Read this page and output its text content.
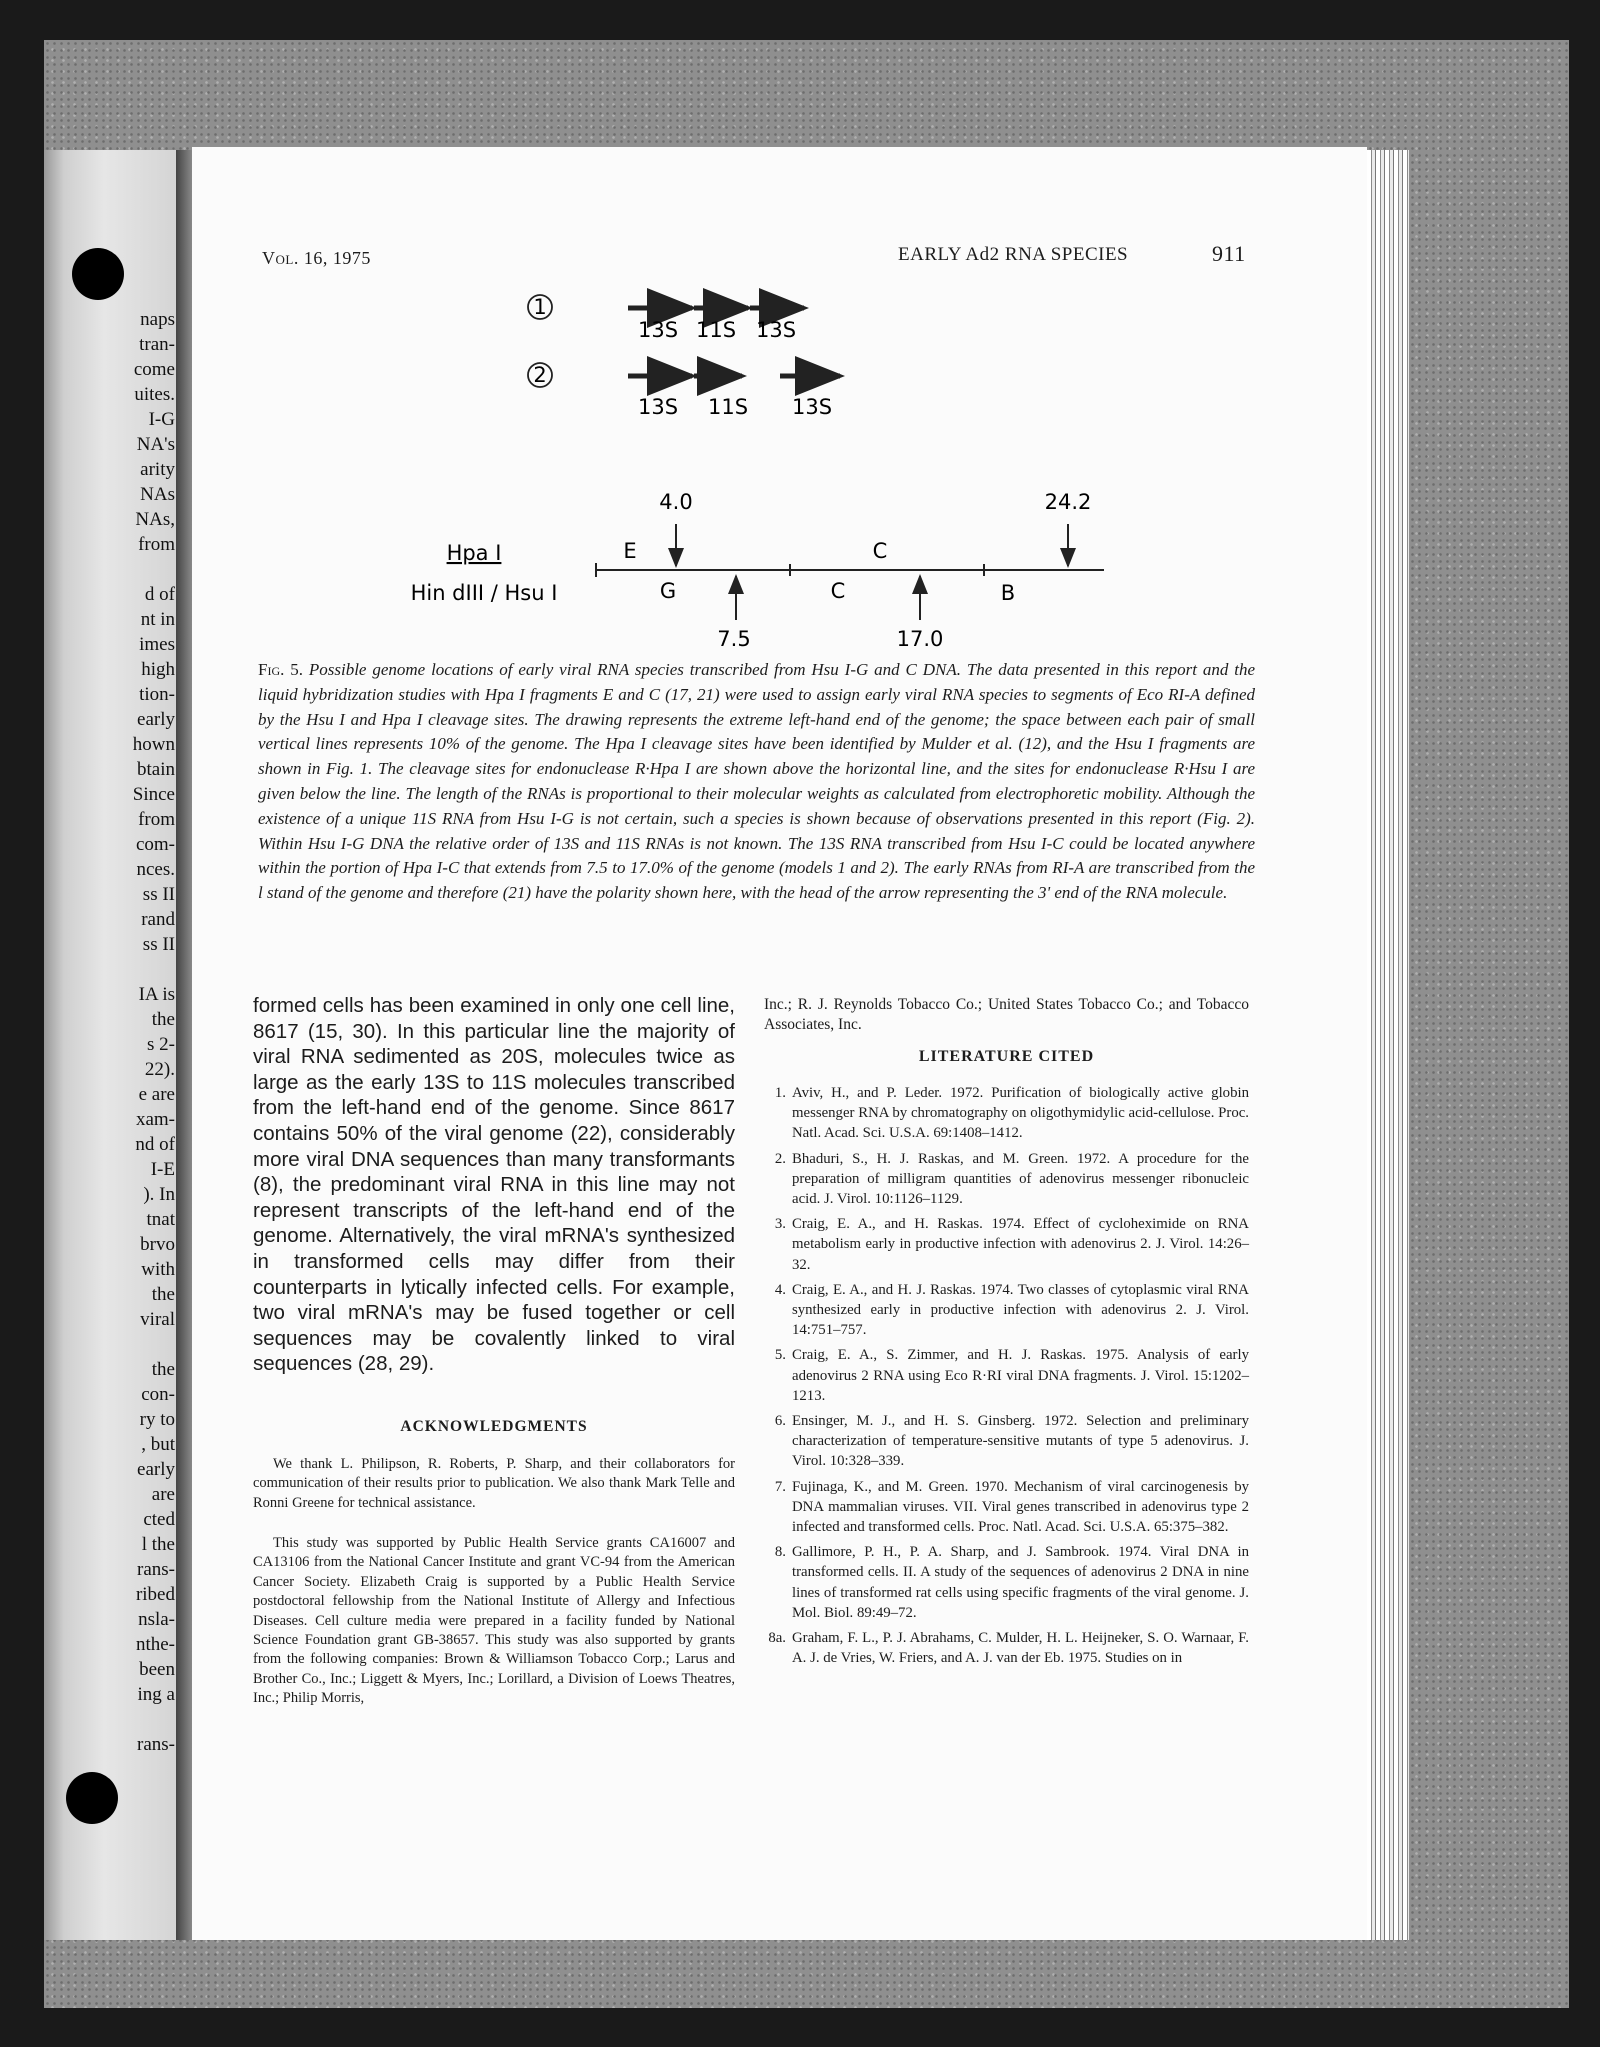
naps
tran-
come
uites.
I-G
NA's
arity
NAs
NAs,
from
d of
nt in
imes
high
tion-
early
hown
btain
Since
from
com-
nces.
ss II
rand
ss II
IA is
the
s 2-
22).
e are
xam-
nd of
I-E
). In
tnat
brvo
with
the
viral
the
con-
ry to
, but
early
are
cted
l the
rans-
ribed
nsla-
nthe-
been
ing a
rans-
Vol. 16, 1975	EARLY Ad2 RNA SPECIES	911
1
13S 11S 13S
2
13S 11S 13S
Hpa I
Hin dIII / Hsu I
4.0	24.2
E	C
7.5	17.0
G	C	B
Fig. 5. Possible genome locations of early viral RNA species transcribed from Hsu I-G and C DNA. The data presented in this report and the liquid hybridization studies with Hpa I fragments E and C (17, 21) were used to assign early viral RNA species to segments of Eco RI-A defined by the Hsu I and Hpa I cleavage sites. The drawing represents the extreme left-hand end of the genome; the space between each pair of small vertical lines represents 10% of the genome. The Hpa I cleavage sites have been identified by Mulder et al. (12), and the Hsu I fragments are shown in Fig. 1. The cleavage sites for endonuclease R·Hpa I are shown above the horizontal line, and the sites for endonuclease R·Hsu I are given below the line. The length of the RNAs is proportional to their molecular weights as calculated from electrophoretic mobility. Although the existence of a unique 11S RNA from Hsu I-G is not certain, such a species is shown because of observations presented in this report (Fig. 2). Within Hsu I-G DNA the relative order of 13S and 11S RNAs is not known. The 13S RNA transcribed from Hsu I-C could be located anywhere within the portion of Hpa I-C that extends from 7.5 to 17.0% of the genome (models 1 and 2). The early RNAs from RI-A are transcribed from the l stand of the genome and therefore (21) have the polarity shown here, with the head of the arrow representing the 3' end of the RNA molecule.
formed cells has been examined in only one cell line, 8617 (15, 30). In this particular line the majority of viral RNA sedimented as 20S, molecules twice as large as the early 13S to 11S molecules transcribed from the left-hand end of the genome. Since 8617 contains 50% of the viral genome (22), considerably more viral DNA sequences than many transformants (8), the predominant viral RNA in this line may not represent transcripts of the left-hand end of the genome. Alternatively, the viral mRNA's synthesized in transformed cells may differ from their counterparts in lytically infected cells. For example, two viral mRNA's may be fused together or cell sequences may be covalently linked to viral sequences (28, 29).
ACKNOWLEDGMENTS
We thank L. Philipson, R. Roberts, P. Sharp, and their collaborators for communication of their results prior to publication. We also thank Mark Telle and Ronni Greene for technical assistance.
This study was supported by Public Health Service grants CA16007 and CA13106 from the National Cancer Institute and grant VC-94 from the American Cancer Society. Elizabeth Craig is supported by a Public Health Service postdoctoral fellowship from the National Institute of Allergy and Infectious Diseases. Cell culture media were prepared in a facility funded by National Science Foundation grant GB-38657. This study was also supported by grants from the following companies: Brown & Williamson Tobacco Corp.; Larus and Brother Co., Inc.; Liggett & Myers, Inc.; Lorillard, a Division of Loews Theatres, Inc.; Philip Morris,
Inc.; R. J. Reynolds Tobacco Co.; United States Tobacco Co.; and Tobacco Associates, Inc.
LITERATURE CITED
1. Aviv, H., and P. Leder. 1972. Purification of biologically active globin messenger RNA by chromatography on oligothymidylic acid-cellulose. Proc. Natl. Acad. Sci. U.S.A. 69:1408–1412.
2. Bhaduri, S., H. J. Raskas, and M. Green. 1972. A procedure for the preparation of milligram quantities of adenovirus messenger ribonucleic acid. J. Virol. 10:1126–1129.
3. Craig, E. A., and H. Raskas. 1974. Effect of cycloheximide on RNA metabolism early in productive infection with adenovirus 2. J. Virol. 14:26–32.
4. Craig, E. A., and H. J. Raskas. 1974. Two classes of cytoplasmic viral RNA synthesized early in productive infection with adenovirus 2. J. Virol. 14:751–757.
5. Craig, E. A., S. Zimmer, and H. J. Raskas. 1975. Analysis of early adenovirus 2 RNA using Eco R·RI viral DNA fragments. J. Virol. 15:1202–1213.
6. Ensinger, M. J., and H. S. Ginsberg. 1972. Selection and preliminary characterization of temperature-sensitive mutants of type 5 adenovirus. J. Virol. 10:328–339.
7. Fujinaga, K., and M. Green. 1970. Mechanism of viral carcinogenesis by DNA mammalian viruses. VII. Viral genes transcribed in adenovirus type 2 infected and transformed cells. Proc. Natl. Acad. Sci. U.S.A. 65:375–382.
8. Gallimore, P. H., P. A. Sharp, and J. Sambrook. 1974. Viral DNA in transformed cells. II. A study of the sequences of adenovirus 2 DNA in nine lines of transformed rat cells using specific fragments of the viral genome. J. Mol. Biol. 89:49–72.
8a. Graham, F. L., P. J. Abrahams, C. Mulder, H. L. Heijneker, S. O. Warnaar, F. A. J. de Vries, W. Friers, and A. J. van der Eb. 1975. Studies on in
